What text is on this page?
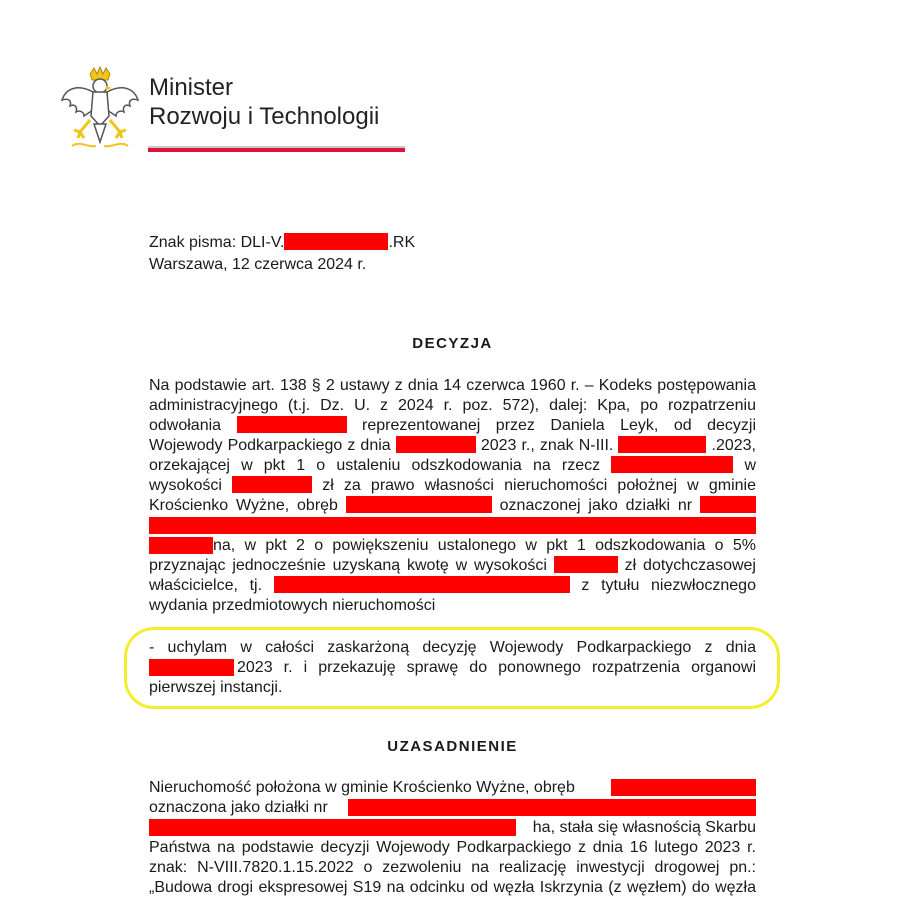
Minister
Rozwoju i Technologii
Znak pisma: DLI-V.	.RK
Warszawa, 12 czerwca 2024 r.
DECYZJA
Na podstawie art. 138 § 2 ustawy z dnia 14 czerwca 1960 r. – Kodeks postępowania
administracyjnego (t.j. Dz. U. z 2024 r. poz. 572), dalej: Kpa, po rozpatrzeniu
odwołania	reprezentowanej przez Daniela Leyk, od decyzji
Wojewody Podkarpackiego z dnia	2023 r., znak N-III.	.2023,
orzekającej w pkt 1 o ustaleniu odszkodowania na rzecz	w
wysokości	zł za prawo własności nieruchomości położnej w gminie
Krościenko Wyżne, obręb	oznaczonej jako działki nr
na, w pkt 2 o powiększeniu ustalonego w pkt 1 odszkodowania o 5%
przyznając jednocześnie uzyskaną kwotę w wysokości	zł dotychczasowej
właścicielce, tj.	z tytułu niezwłocznego
wydania przedmiotowych nieruchomości
- uchylam w całości zaskarżoną decyzję Wojewody Podkarpackiego z dnia
2023 r. i przekazuję sprawę do ponownego rozpatrzenia organowi
pierwszej instancji.
UZASADNIENIE
Nieruchomość położona w gminie Krościenko Wyżne, obręb
oznaczona jako działki nr
ha, stała się własnością Skarbu
Państwa na podstawie decyzji Wojewody Podkarpackiego z dnia 16 lutego 2023 r.
znak: N-VIII.7820.1.15.2022 o zezwoleniu na realizację inwestycji drogowej pn.:
„Budowa drogi ekspresowej S19 na odcinku od węzła Iskrzynia (z węzłem) do węzła
